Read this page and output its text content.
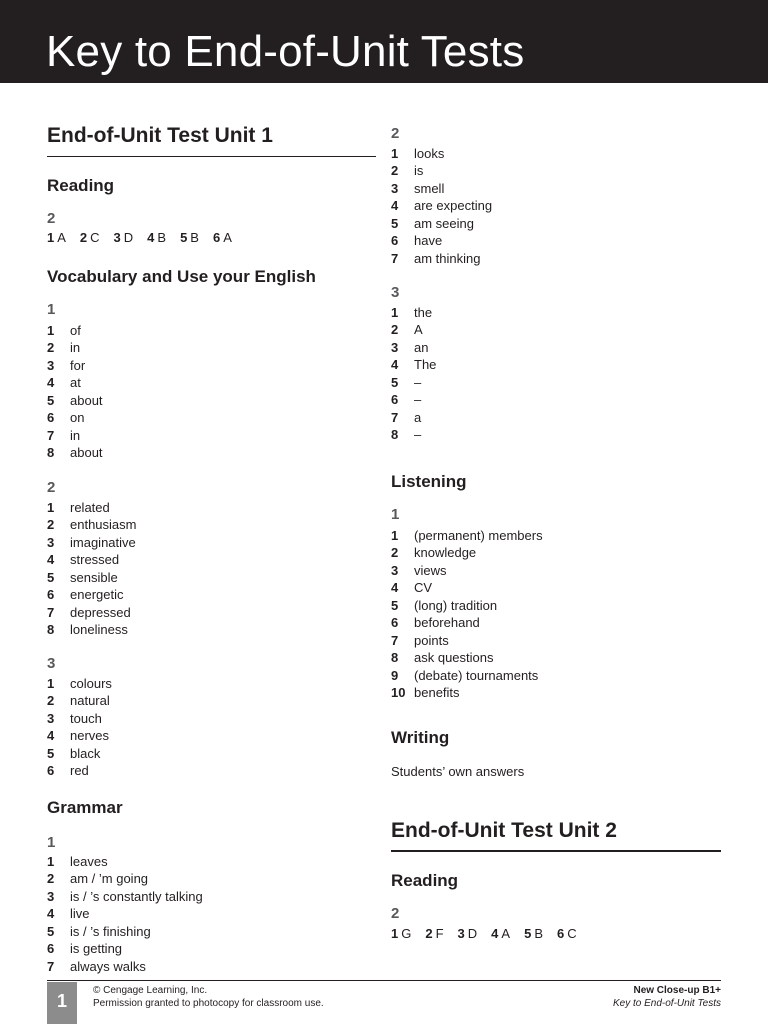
Key to End-of-Unit Tests
End-of-Unit Test Unit 1
Reading
2
1 A 2 C 3 D 4 B 5 B 6 A
Vocabulary and Use your English
1
1 of
2 in
3 for
4 at
5 about
6 on
7 in
8 about
2
1 related
2 enthusiasm
3 imaginative
4 stressed
5 sensible
6 energetic
7 depressed
8 loneliness
3
1 colours
2 natural
3 touch
4 nerves
5 black
6 red
Grammar
1
1 leaves
2 am / ’m going
3 is / ’s constantly talking
4 live
5 is / ’s finishing
6 is getting
7 always walks
2
1 looks
2 is
3 smell
4 are expecting
5 am seeing
6 have
7 am thinking
3
1 the
2 A
3 an
4 The
5 –
6 –
7 a
8 –
Listening
1
1 (permanent) members
2 knowledge
3 views
4 CV
5 (long) tradition
6 beforehand
7 points
8 ask questions
9 (debate) tournaments
10 benefits
Writing
Students’ own answers
End-of-Unit Test Unit 2
Reading
2
1 G 2 F 3 D 4 A 5 B 6 C
1
© Cengage Learning, Inc.
Permission granted to photocopy for classroom use.
New Close-up B1+
Key to End-of-Unit Tests
